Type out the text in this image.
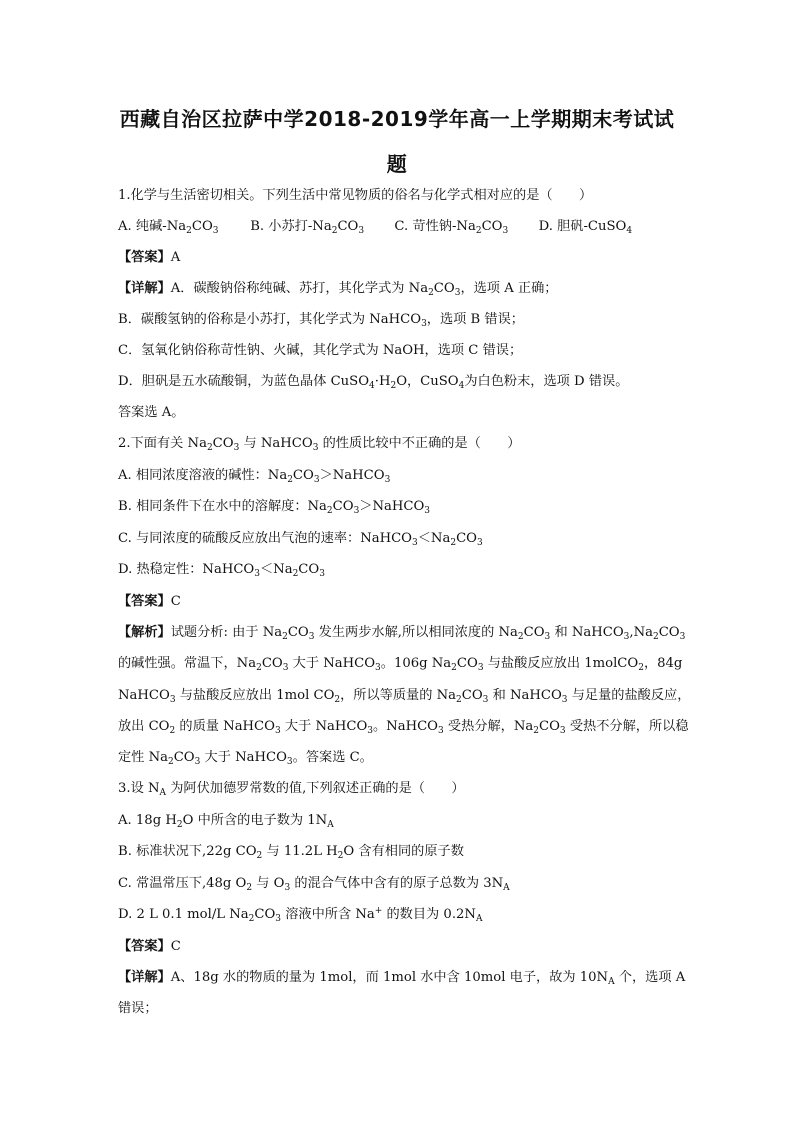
西藏自治区拉萨中学2018-2019学年高一上学期期末考试试
题
1.化学与生活密切相关。下列生活中常见物质的俗名与化学式相对应的是（　　）
A. 纯碱$-Na_2CO_3$ B. 小苏打$-Na_2CO_3$ C. 苛性钠$-Na_2CO_3$ D. 胆矾-CuSO$_4$
【答案】A
【详解】A．碳酸钠俗称纯碱、苏打，其化学式为 $Na_2CO_3$，选项 A 正确；
B．碳酸氢钠的俗称是小苏打，其化学式为 NaHCO$_3$，选项 B 错误；
C．氢氧化钠俗称苛性钠、火碱，其化学式为 NaOH，选项 C 错误；
D．胆矾是五水硫酸铜，为蓝色晶体 $CuSO_4\cdot H_2O$，CuSO$_4$为白色粉末，选项 D 错误。
答案选 A。
2.下面有关 $Na_2CO_3$ 与 NaHCO$_3$ 的性质比较中不正确的是（　　）
A. 相同浓度溶液的碱性：$Na_2CO_3>NaHCO_3$
B. 相同条件下在水中的溶解度：$Na_2CO_3>NaHCO_3$
C. 与同浓度的硫酸反应放出气泡的速率：$NaHCO_3<Na_2CO_3$
D. 热稳定性：$NaHCO_3<Na_2CO_3$
【答案】C
【解析】试题分析: 由于 $Na_2CO_3$ 发生两步水解,所以相同浓度的 $Na_2CO_3$ 和 $NaHCO_3,Na_2CO_3$
的碱性强。常温下，$Na_2CO_3$ 大于 NaHCO$_3$。106g $Na_2CO_3$ 与盐酸反应放出 1molCO$_2$，84g
NaHCO$_3$ 与盐酸反应放出 1mol $CO_2$，所以等质量的 $Na_2CO_3$ 和 NaHCO$_3$ 与足量的盐酸反应，
放出 $CO_2$ 的质量 NaHCO$_3$ 大于 NaHCO$_3$。NaHCO$_3$ 受热分解，$Na_2CO_3$ 受热不分解，所以稳
定性 $Na_2CO_3$ 大于 NaHCO$_3$。答案选 C。
3.设 $N_A$ 为阿伏加德罗常数的值,下列叙述正确的是（　　）
A. 18g $H_2O$ 中所含的电子数为 $1N_A$
B. 标准状况下,22g $CO_2$ 与 11.2L $H_2O$ 含有相同的原子数
C. 常温常压下,48g $O_2$ 与 $O_3$ 的混合气体中含有的原子总数为 $3N_A$
D. 2 L 0.1 mol/L $Na_2CO_3$ 溶液中所含 Na+ 的数目为 $0.2N_A$
【答案】C
【详解】A、18g 水的物质的量为 1mol，而 1mol 水中含 10mol 电子，故为 $10N_A$ 个，选项 A
错误；
